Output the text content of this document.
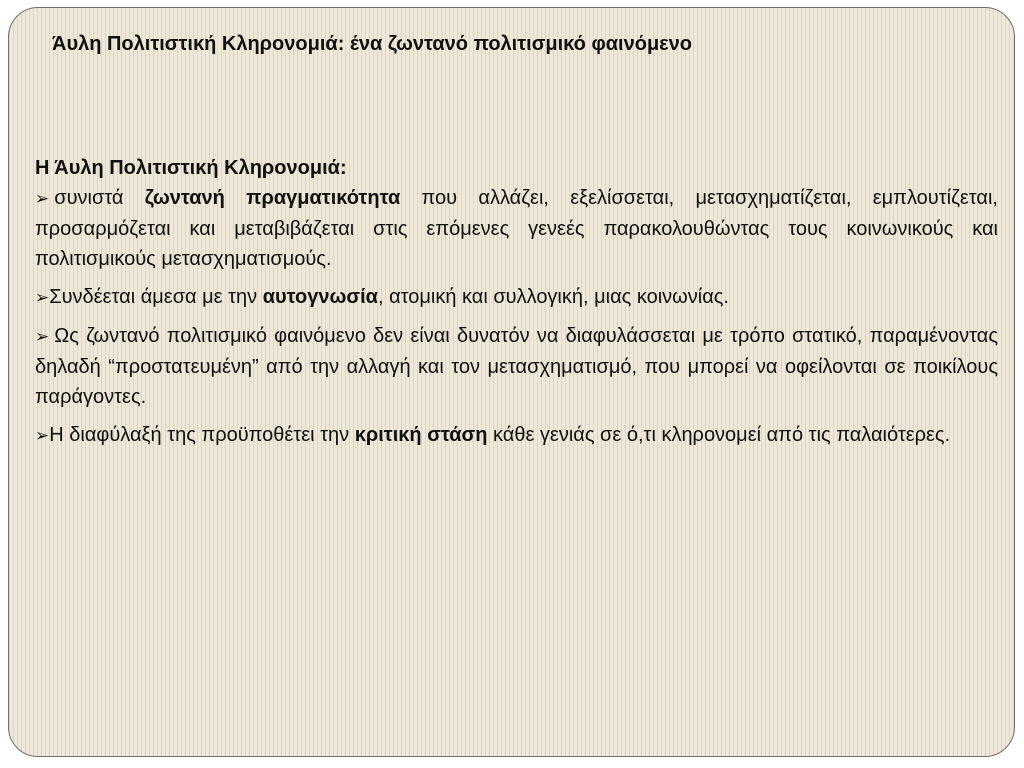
Άυλη Πολιτιστική Κληρονομιά: ένα ζωντανό πολιτισμικό φαινόμενο

Η Άυλη Πολιτιστική Κληρονομιά:

➢ συνιστά ζωντανή πραγματικότητα που αλλάζει, εξελίσσεται, μετασχηματίζεται, εμπλουτίζεται, προσαρμόζεται και μεταβιβάζεται στις επόμενες γενεές παρακολουθώντας τους κοινωνικούς και πολιτισμικούς μετασχηματισμούς.

➢Συνδέεται άμεσα με την αυτογνωσία, ατομική και συλλογική, μιας κοινωνίας.

➢ Ως ζωντανό πολιτισμικό φαινόμενο δεν είναι δυνατόν να διαφυλάσσεται με τρόπο στατικό, παραμένοντας δηλαδή “προστατευμένη” από την αλλαγή και τον μετασχηματισμό, που μπορεί να οφείλονται σε ποικίλους παράγοντες.

➢Η διαφύλαξή της προϋποθέτει την κριτική στάση κάθε γενιάς σε ό,τι κληρονομεί από τις παλαιότερες.
